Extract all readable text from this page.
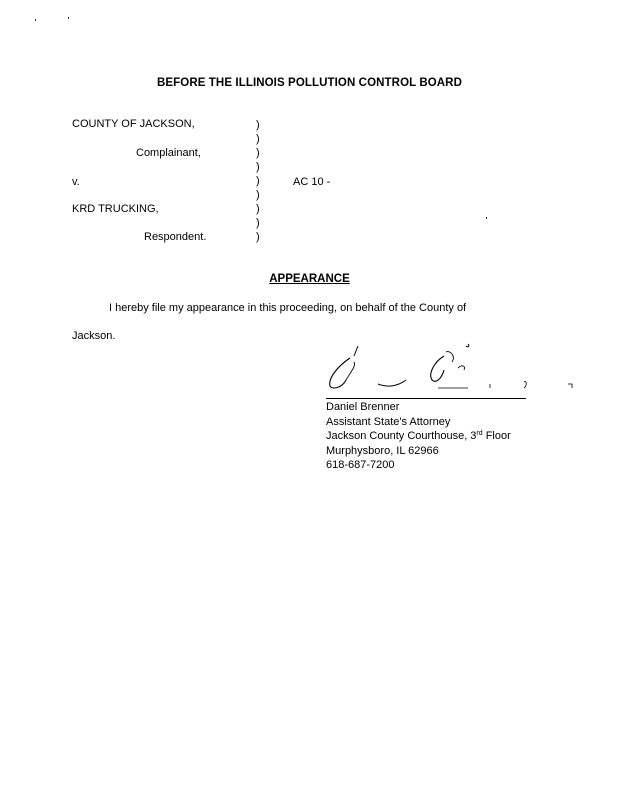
BEFORE THE ILLINOIS POLLUTION CONTROL BOARD
COUNTY OF JACKSON,
Complainant,
v.
KRD TRUCKING,
Respondent.
AC 10 -
)
)
)
)
)
)
)
)
)
APPEARANCE
I hereby file my appearance in this proceeding, on behalf of the County of
Jackson.
Daniel Brenner
Assistant State's Attorney
Jackson County Courthouse, 3rd Floor
Murphysboro, IL 62966
618-687-7200
